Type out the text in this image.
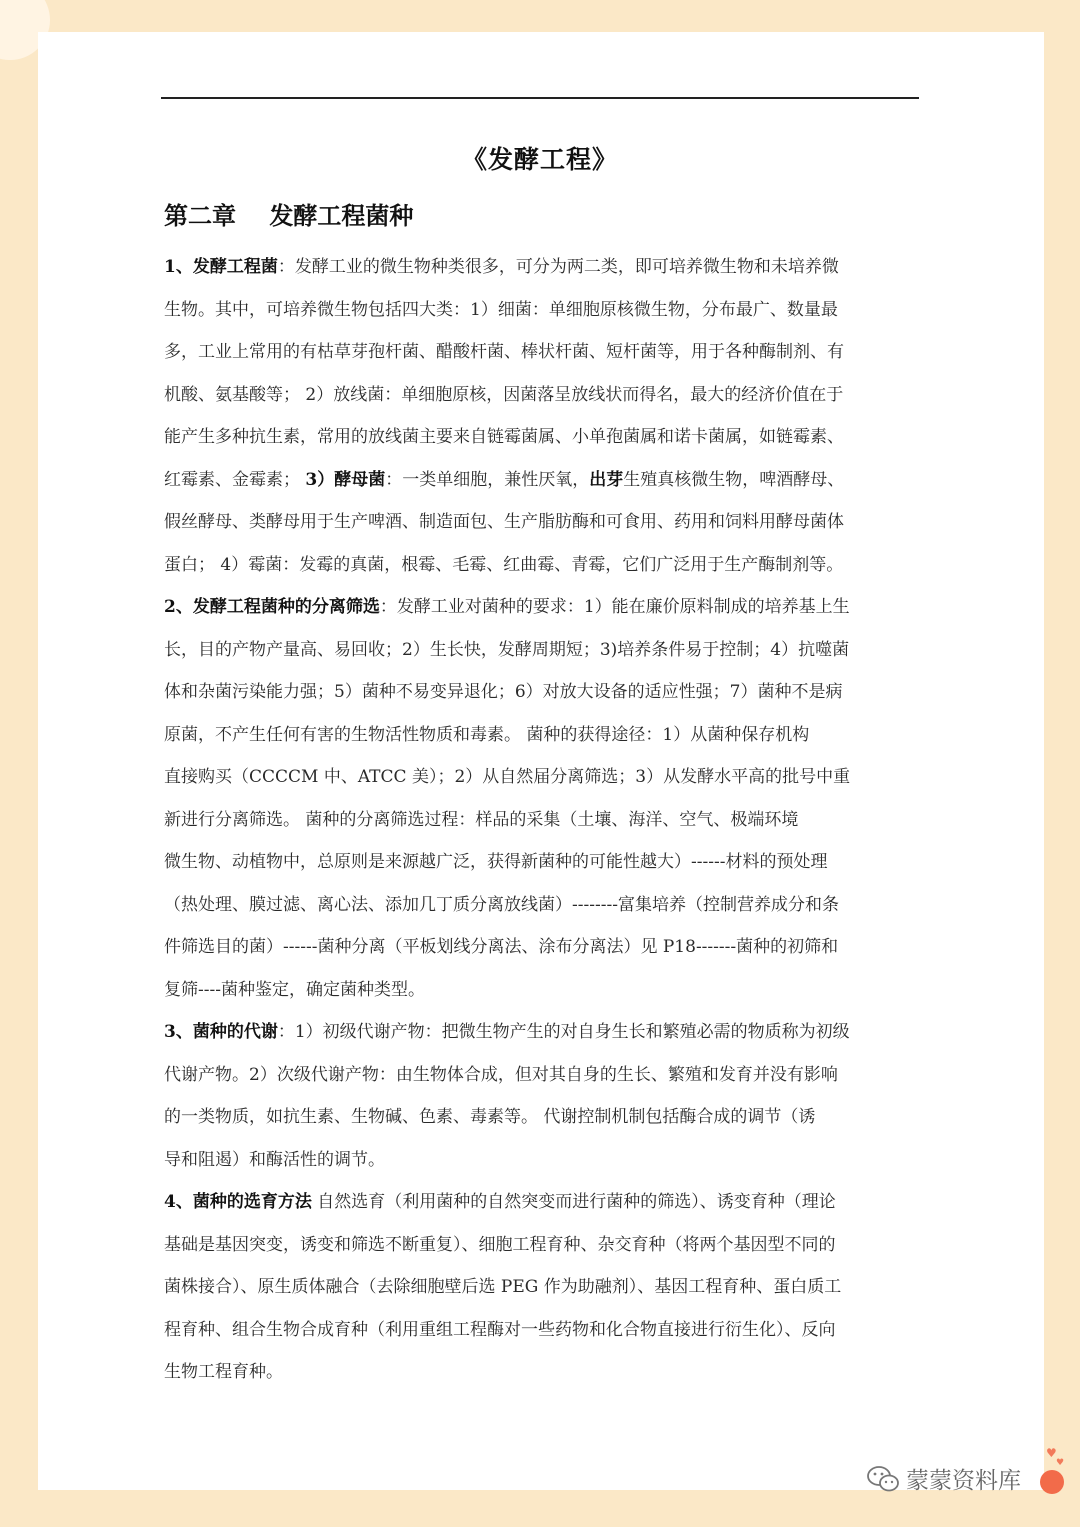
《发酵工程》
第二章    发酵工程菌种
1、发酵工程菌：发酵工业的微生物种类很多，可分为两二类，即可培养微生物和未培养微
生物。其中，可培养微生物包括四大类：1）细菌：单细胞原核微生物，分布最广、数量最
多，工业上常用的有枯草芽孢杆菌、醋酸杆菌、棒状杆菌、短杆菌等，用于各种酶制剂、有
机酸、氨基酸等； 2）放线菌：单细胞原核，因菌落呈放线状而得名，最大的经济价值在于
能产生多种抗生素，常用的放线菌主要来自链霉菌属、小单孢菌属和诺卡菌属，如链霉素、
红霉素、金霉素； 3）酵母菌：一类单细胞，兼性厌氧，出芽生殖真核微生物，啤酒酵母、
假丝酵母、类酵母用于生产啤酒、制造面包、生产脂肪酶和可食用、药用和饲料用酵母菌体
蛋白； 4）霉菌：发霉的真菌，根霉、毛霉、红曲霉、青霉，它们广泛用于生产酶制剂等。
2、发酵工程菌种的分离筛选：发酵工业对菌种的要求：1）能在廉价原料制成的培养基上生
长，目的产物产量高、易回收；2）生长快，发酵周期短；3)培养条件易于控制；4）抗噬菌
体和杂菌污染能力强；5）菌种不易变异退化；6）对放大设备的适应性强；7）菌种不是病
原菌，不产生任何有害的生物活性物质和毒素。 菌种的获得途径：1）从菌种保存机构
直接购买（CCCCM 中、ATCC 美）；2）从自然届分离筛选；3）从发酵水平高的批号中重
新进行分离筛选。 菌种的分离筛选过程：样品的采集（土壤、海洋、空气、极端环境
微生物、动植物中，总原则是来源越广泛，获得新菌种的可能性越大）------材料的预处理
（热处理、膜过滤、离心法、添加几丁质分离放线菌）--------富集培养（控制营养成分和条
件筛选目的菌）------菌种分离（平板划线分离法、涂布分离法）见 P18-------菌种的初筛和
复筛----菌种鉴定，确定菌种类型。
3、菌种的代谢：1）初级代谢产物：把微生物产生的对自身生长和繁殖必需的物质称为初级
代谢产物。2）次级代谢产物：由生物体合成，但对其自身的生长、繁殖和发育并没有影响
的一类物质，如抗生素、生物碱、色素、毒素等。 代谢控制机制包括酶合成的调节（诱
导和阻遏）和酶活性的调节。
4、菌种的选育方法 自然选育（利用菌种的自然突变而进行菌种的筛选）、诱变育种（理论
基础是基因突变，诱变和筛选不断重复）、细胞工程育种、杂交育种（将两个基因型不同的
菌株接合）、原生质体融合（去除细胞壁后选 PEG 作为助融剂）、基因工程育种、蛋白质工
程育种、组合生物合成育种（利用重组工程酶对一些药物和化合物直接进行衍生化）、反向
生物工程育种。
蒙蒙资料库
♥
♥
